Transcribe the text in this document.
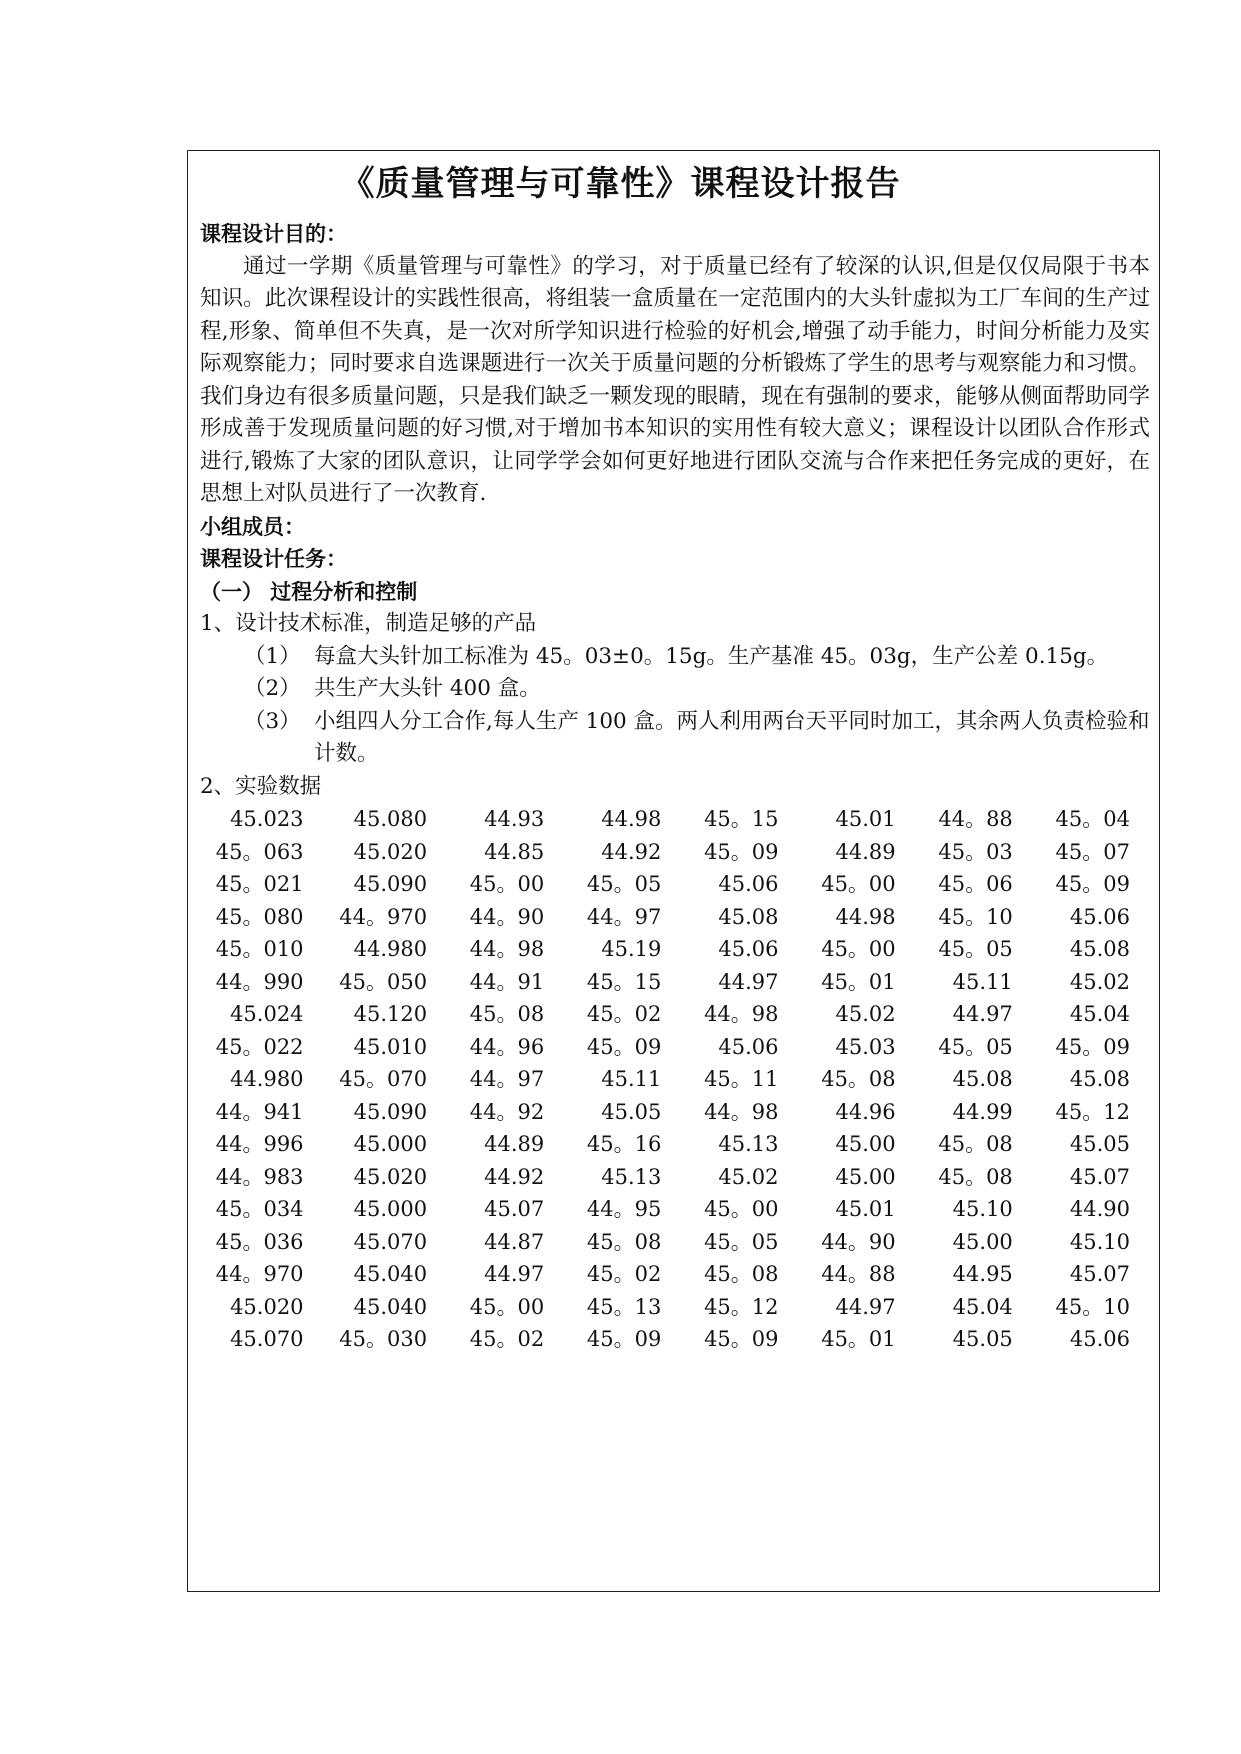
《质量管理与可靠性》课程设计报告
课程设计目的：

通过一学期《质量管理与可靠性》的学习，对于质量已经有了较深的认识,但是仅仅局限于书本知识。此次课程设计的实践性很高，将组装一盒质量在一定范围内的大头针虚拟为工厂车间的生产过程,形象、简单但不失真，是一次对所学知识进行检验的好机会,增强了动手能力，时间分析能力及实际观察能力；同时要求自选课题进行一次关于质量问题的分析锻炼了学生的思考与观察能力和习惯。我们身边有很多质量问题，只是我们缺乏一颗发现的眼睛，现在有强制的要求，能够从侧面帮助同学形成善于发现质量问题的好习惯,对于增加书本知识的实用性有较大意义；课程设计以团队合作形式进行,锻炼了大家的团队意识，让同学学会如何更好地进行团队交流与合作来把任务完成的更好，在思想上对队员进行了一次教育.

小组成员：
课程设计任务：
（一） 过程分析和控制
1、设计技术标准，制造足够的产品
（1） 每盒大头针加工标准为 45。03±0。15g。生产基准 45。03g，生产公差 0.15g。
（2） 共生产大头针 400 盒。
（3） 小组四人分工合作,每人生产 100 盒。两人利用两台天平同时加工，其余两人负责检验和计数。
2、实验数据
45.023	45.080	44.93	44.98	45。15	45.01	44。88	45。04
45。063	45.020	44.85	44.92	45。09	44.89	45。03	45。07
45。021	45.090	45。00	45。05	45.06	45。00	45。06	45。09
45。080	44。970	44。90	44。97	45.08	44.98	45。10	45.06
45。010	44.980	44。98	45.19	45.06	45。00	45。05	45.08
44。990	45。050	44。91	45。15	44.97	45。01	45.11	45.02
45.024	45.120	45。08	45。02	44。98	45.02	44.97	45.04
45。022	45.010	44。96	45。09	45.06	45.03	45。05	45。09
44.980	45。070	44。97	45.11	45。11	45。08	45.08	45.08
44。941	45.090	44。92	45.05	44。98	44.96	44.99	45。12
44。996	45.000	44.89	45。16	45.13	45.00	45。08	45.05
44。983	45.020	44.92	45.13	45.02	45.00	45。08	45.07
45。034	45.000	45.07	44。95	45。00	45.01	45.10	44.90
45。036	45.070	44.87	45。08	45。05	44。90	45.00	45.10
44。970	45.040	44.97	45。02	45。08	44。88	44.95	45.07
45.020	45.040	45。00	45。13	45。12	44.97	45.04	45。10
45.070	45。030	45。02	45。09	45。09	45。01	45.05	45.06
